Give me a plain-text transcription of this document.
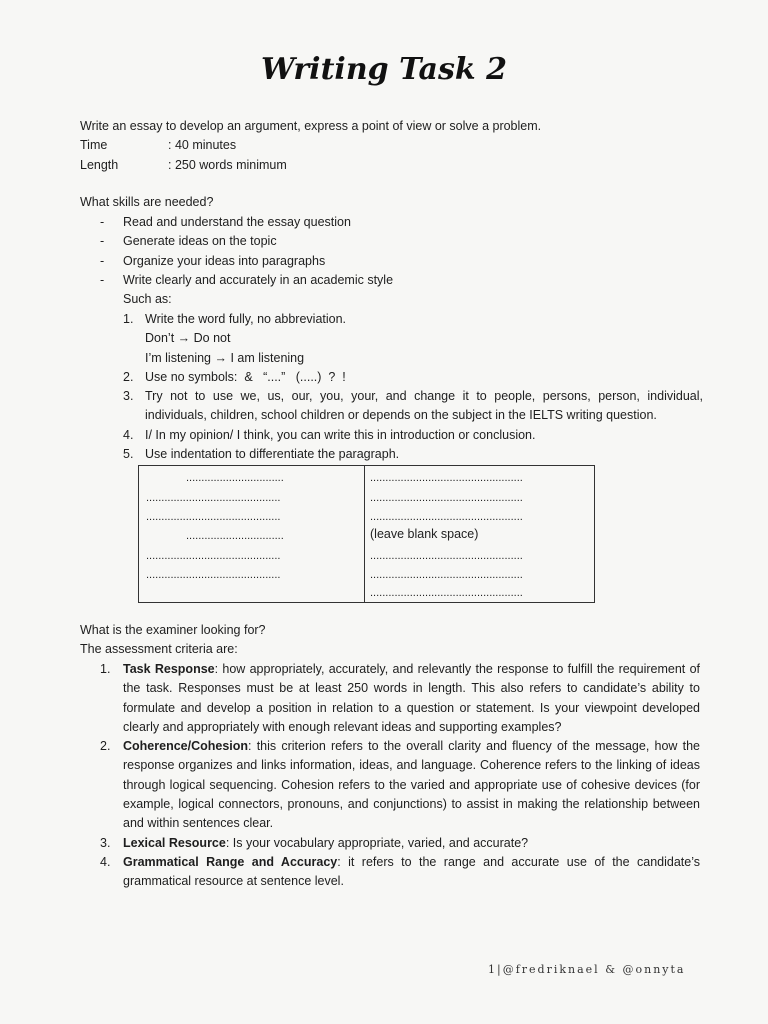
Writing Task 2
Write an essay to develop an argument, express a point of view or solve a problem.
Time	: 40 minutes
Length	: 250 words minimum
What skills are needed?
- Read and understand the essay question
- Generate ideas on the topic
- Organize your ideas into paragraphs
- Write clearly and accurately in an academic style
Such as:
1. Write the word fully, no abbreviation.
Don’t → Do not
I’m listening → I am listening
2. Use no symbols:  &   “....”   (.....)  ?  !
3. Try not to use we, us, our, you, your, and change it to people, persons, person, individual, individuals, children, school children or depends on the subject in the IELTS writing question.
4. I/ In my opinion/ I think, you can write this in introduction or conclusion.
5. Use indentation to differentiate the paragraph.
................................
............................................
............................................
................................
............................................
............................................
..................................................
..................................................
..................................................
(leave blank space)
..................................................
..................................................
..................................................
What is the examiner looking for?
The assessment criteria are:
1. Task Response: how appropriately, accurately, and relevantly the response to fulfill the requirement of the task. Responses must be at least 250 words in length. This also refers to candidate’s ability to formulate and develop a position in relation to a question or statement. Is your viewpoint developed clearly and appropriately with enough relevant ideas and supporting examples?
2. Coherence/Cohesion: this criterion refers to the overall clarity and fluency of the message, how the response organizes and links information, ideas, and language. Coherence refers to the linking of ideas through logical sequencing. Cohesion refers to the varied and appropriate use of cohesive devices (for example, logical connectors, pronouns, and conjunctions) to assist in making the relationship between and within sentences clear.
3. Lexical Resource: Is your vocabulary appropriate, varied, and accurate?
4. Grammatical Range and Accuracy: it refers to the range and accurate use of the candidate’s grammatical resource at sentence level.
1|@fredriknael & @onnyta
